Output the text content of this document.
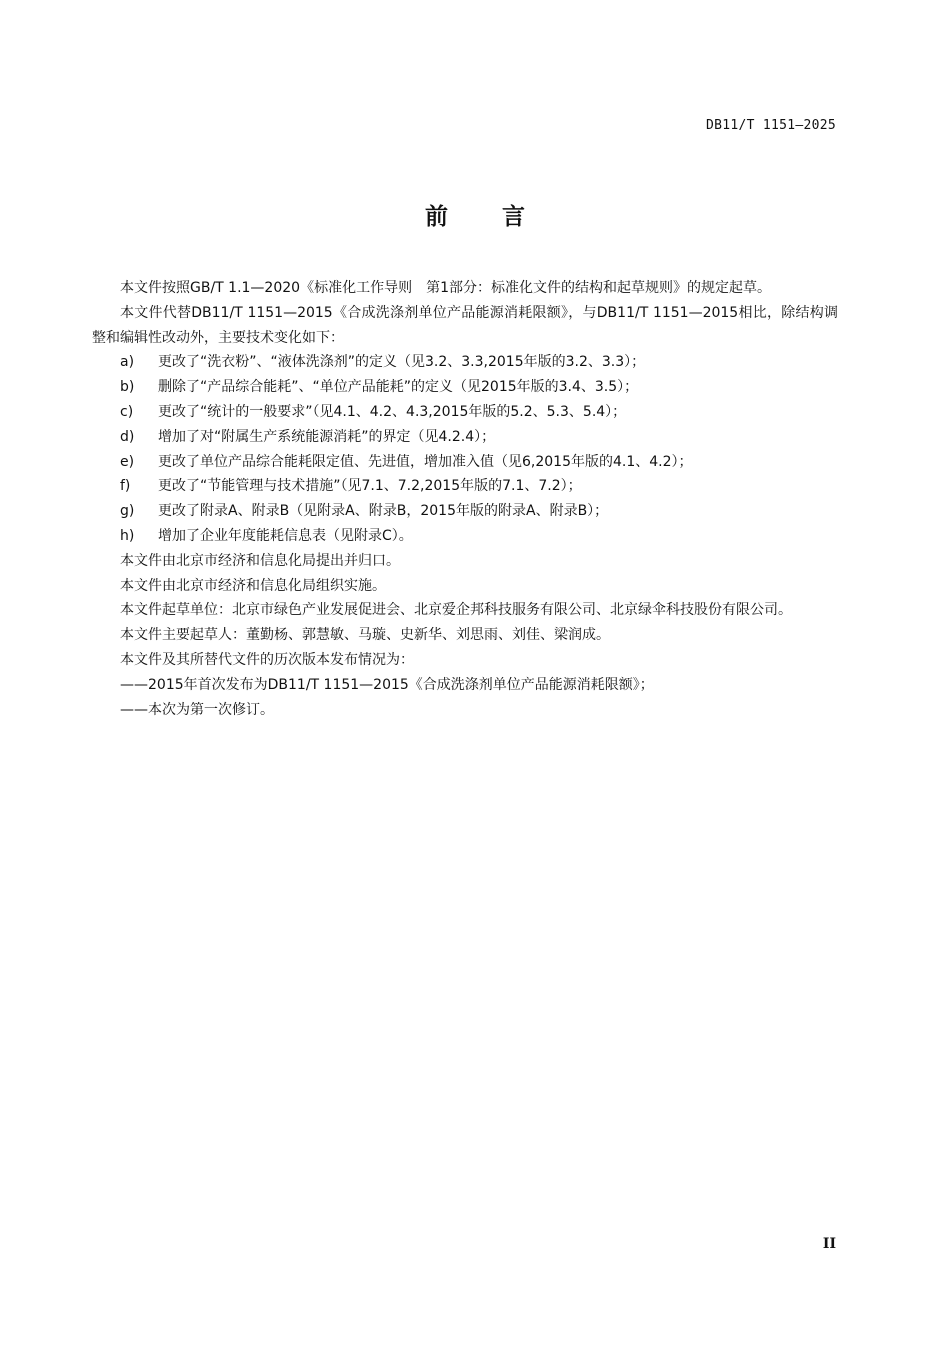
DB11/T 1151—2025
前 言

本文件按照GB/T 1.1—2020《标准化工作导则　第1部分：标准化文件的结构和起草规则》的规定起草。

本文件代替DB11/T 1151—2015《合成洗涤剂单位产品能源消耗限额》，与DB11/T 1151—2015相比，除结构调整和编辑性改动外，主要技术变化如下：

a)	更改了“洗衣粉”、“液体洗涤剂”的定义（见3.2、3.3,2015年版的3.2、3.3）；
b)	删除了“产品综合能耗”、“单位产品能耗”的定义（见2015年版的3.4、3.5）；
c)	更改了“统计的一般要求”（见4.1、4.2、4.3,2015年版的5.2、5.3、5.4）；
d)	增加了对“附属生产系统能源消耗”的界定（见4.2.4）；
e)	更改了单位产品综合能耗限定值、先进值，增加准入值（见6,2015年版的4.1、4.2）；
f)	更改了“节能管理与技术措施”（见7.1、7.2,2015年版的7.1、7.2）；
g)	更改了附录A、附录B（见附录A、附录B，2015年版的附录A、附录B）；
h)	增加了企业年度能耗信息表（见附录C）。

本文件由北京市经济和信息化局提出并归口。

本文件由北京市经济和信息化局组织实施。

本文件起草单位：北京市绿色产业发展促进会、北京爱企邦科技服务有限公司、北京绿伞科技股份有限公司。

本文件主要起草人：董勤杨、郭慧敏、马璇、史新华、刘思雨、刘佳、梁润成。

本文件及其所替代文件的历次版本发布情况为：

——2015年首次发布为DB11/T 1151—2015《合成洗涤剂单位产品能源消耗限额》；

——本次为第一次修订。

II
